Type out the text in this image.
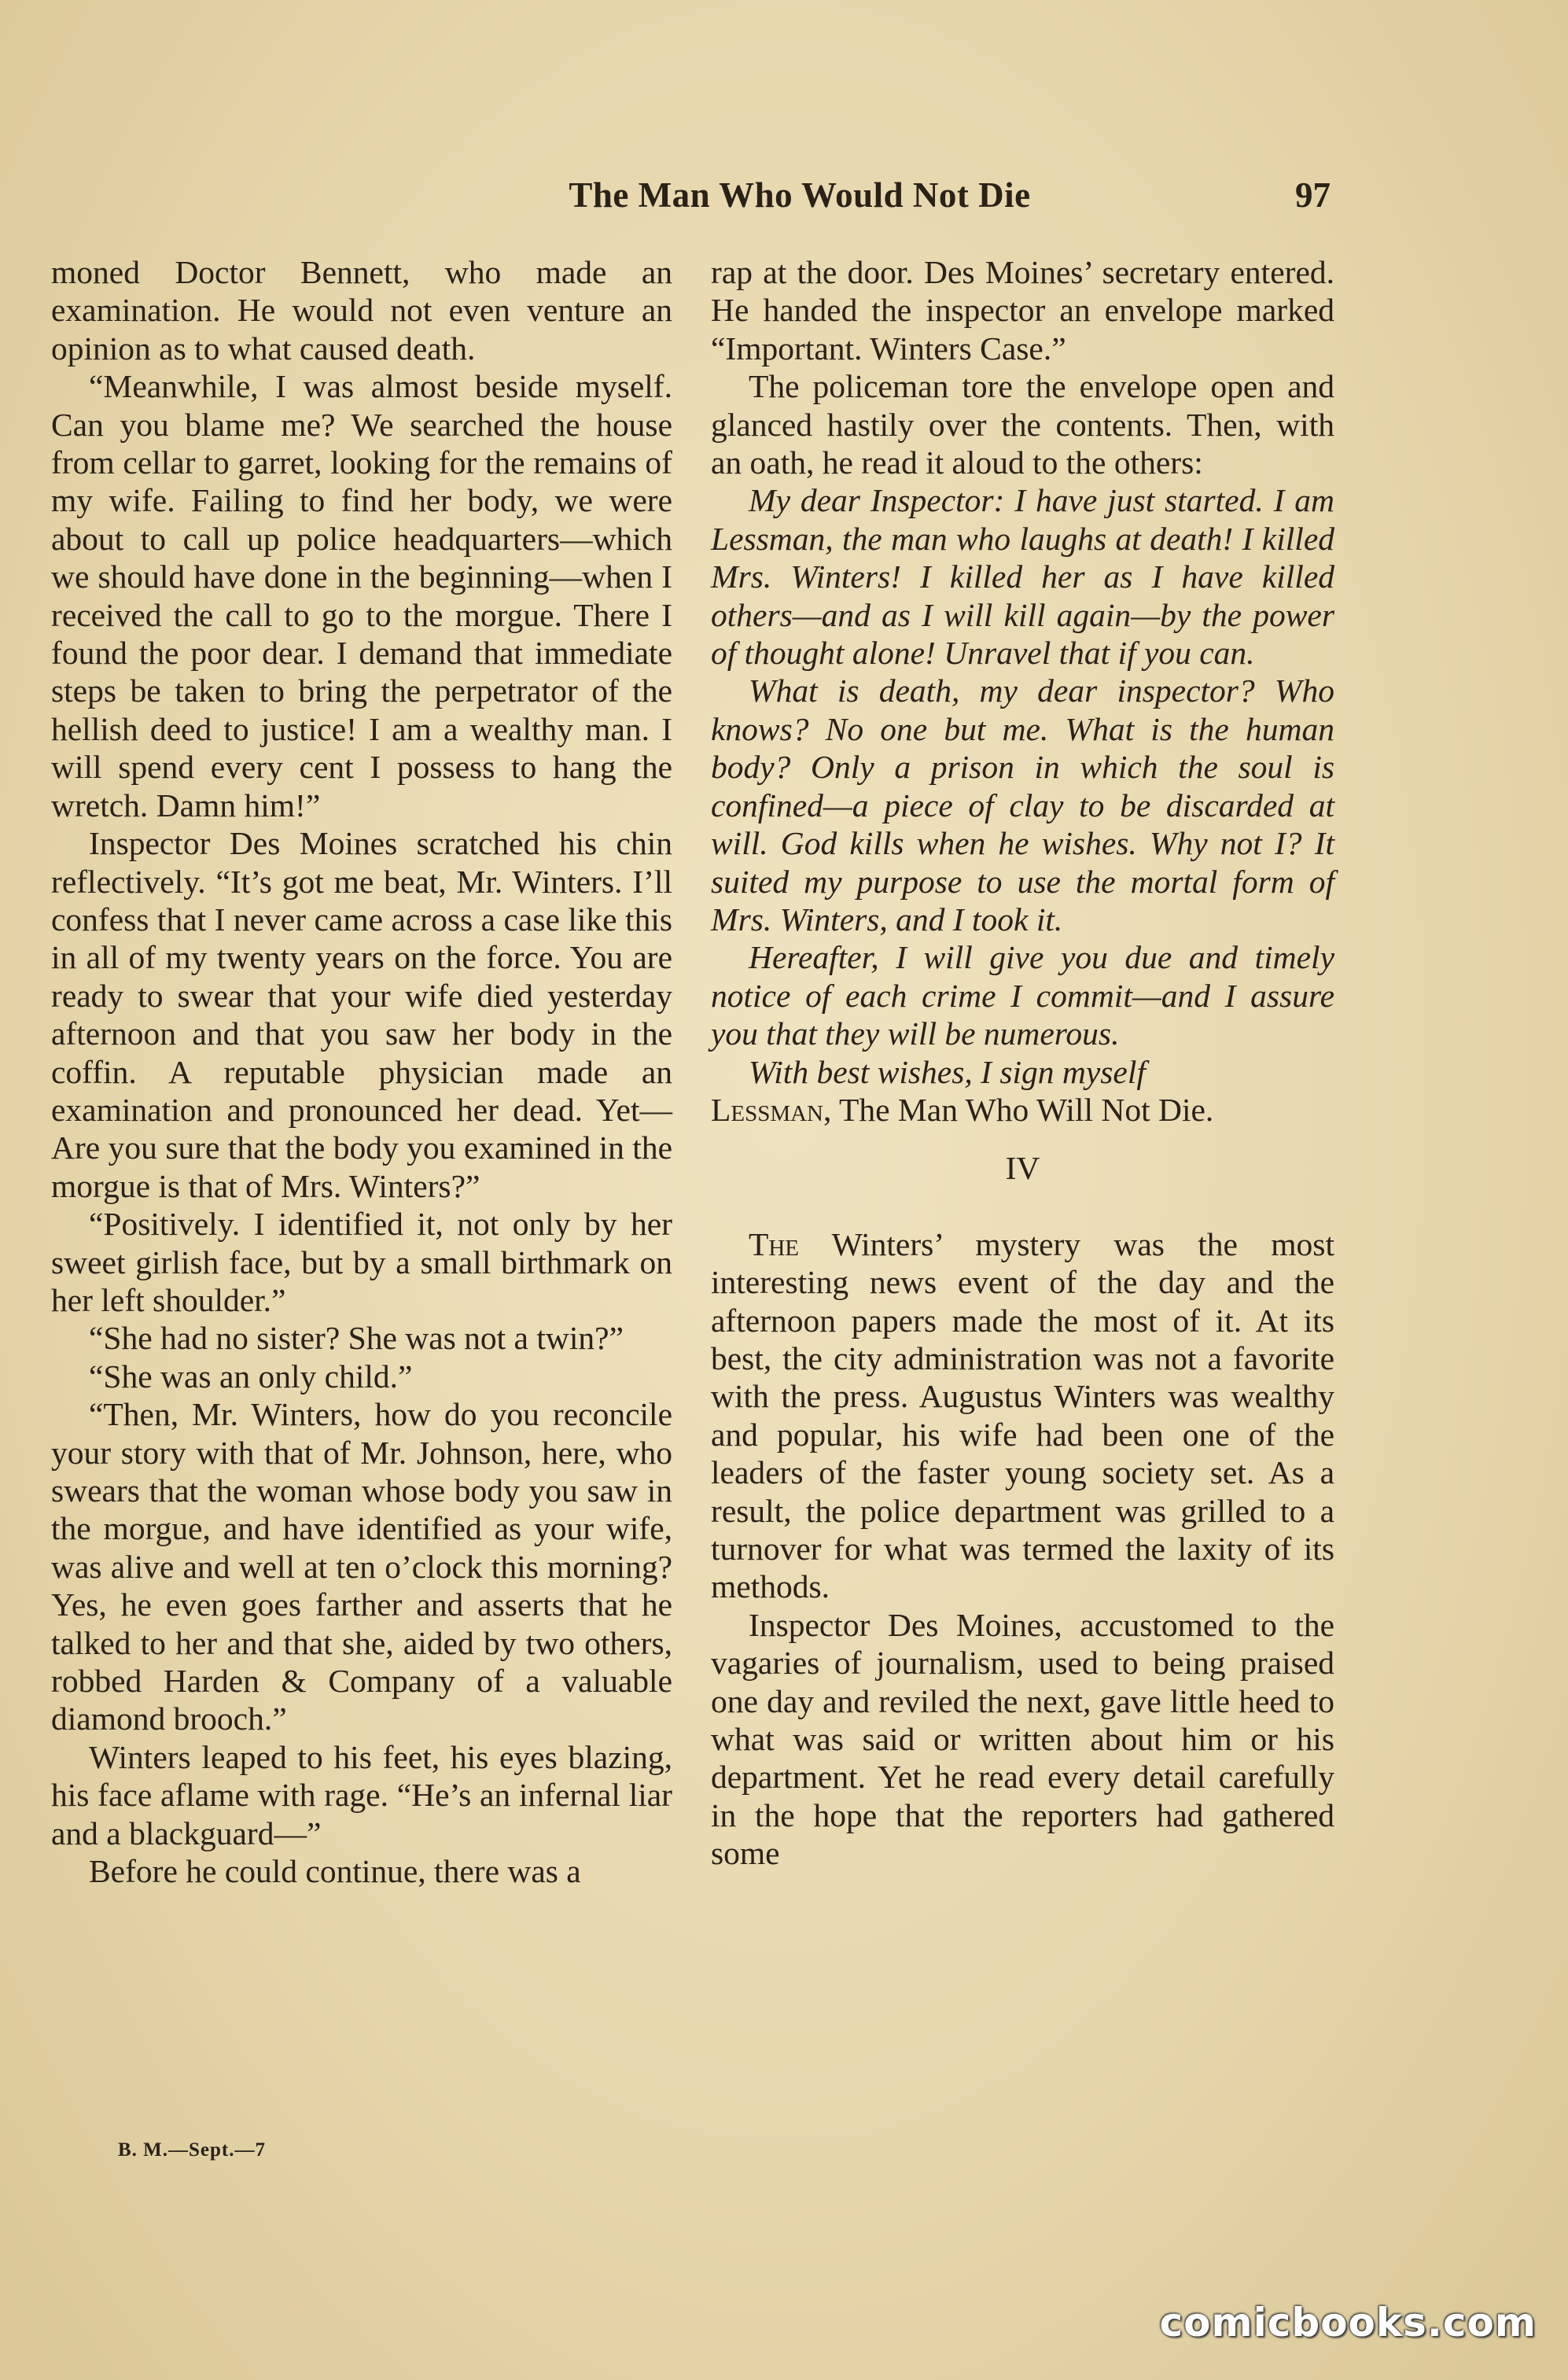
The Man Who Would Not Die	97

moned Doctor Bennett, who made an examination. He would not even venture an opinion as to what caused death.

“Meanwhile, I was almost beside myself. Can you blame me? We searched the house from cellar to garret, looking for the remains of my wife. Failing to find her body, we were about to call up police headquarters—which we should have done in the beginning—when I received the call to go to the morgue. There I found the poor dear. I demand that immediate steps be taken to bring the perpetrator of the hellish deed to justice! I am a wealthy man. I will spend every cent I possess to hang the wretch. Damn him!”

Inspector Des Moines scratched his chin reflectively. “It’s got me beat, Mr. Winters. I’ll confess that I never came across a case like this in all of my twenty years on the force. You are ready to swear that your wife died yesterday afternoon and that you saw her body in the coffin. A reputable physician made an examination and pronounced her dead. Yet— Are you sure that the body you examined in the morgue is that of Mrs. Winters?”

“Positively. I identified it, not only by her sweet girlish face, but by a small birthmark on her left shoulder.”

“She had no sister? She was not a twin?”

“She was an only child.”

“Then, Mr. Winters, how do you reconcile your story with that of Mr. Johnson, here, who swears that the woman whose body you saw in the morgue, and have identified as your wife, was alive and well at ten o’clock this morning? Yes, he even goes farther and asserts that he talked to her and that she, aided by two others, robbed Harden & Company of a valuable diamond brooch.”

Winters leaped to his feet, his eyes blazing, his face aflame with rage. “He’s an infernal liar and a blackguard—”

Before he could continue, there was a

rap at the door. Des Moines’ secretary entered. He handed the inspector an envelope marked “Important. Winters Case.”

The policeman tore the envelope open and glanced hastily over the contents. Then, with an oath, he read it aloud to the others:

My dear Inspector: I have just started. I am Lessman, the man who laughs at death! I killed Mrs. Winters! I killed her as I have killed others—and as I will kill again—by the power of thought alone! Unravel that if you can.

What is death, my dear inspector? Who knows? No one but me. What is the human body? Only a prison in which the soul is confined—a piece of clay to be discarded at will. God kills when he wishes. Why not I? It suited my purpose to use the mortal form of Mrs. Winters, and I took it.

Hereafter, I will give you due and timely notice of each crime I commit—and I assure you that they will be numerous.

With best wishes, I sign myself

Lessman, The Man Who Will Not Die.

IV

The Winters’ mystery was the most interesting news event of the day and the afternoon papers made the most of it. At its best, the city administration was not a favorite with the press. Augustus Winters was wealthy and popular, his wife had been one of the leaders of the faster young society set. As a result, the police department was grilled to a turnover for what was termed the laxity of its methods.

Inspector Des Moines, accustomed to the vagaries of journalism, used to being praised one day and reviled the next, gave little heed to what was said or written about him or his department. Yet he read every detail carefully in the hope that the reporters had gathered some

B. M.—Sept.—7
comicbooks.com
